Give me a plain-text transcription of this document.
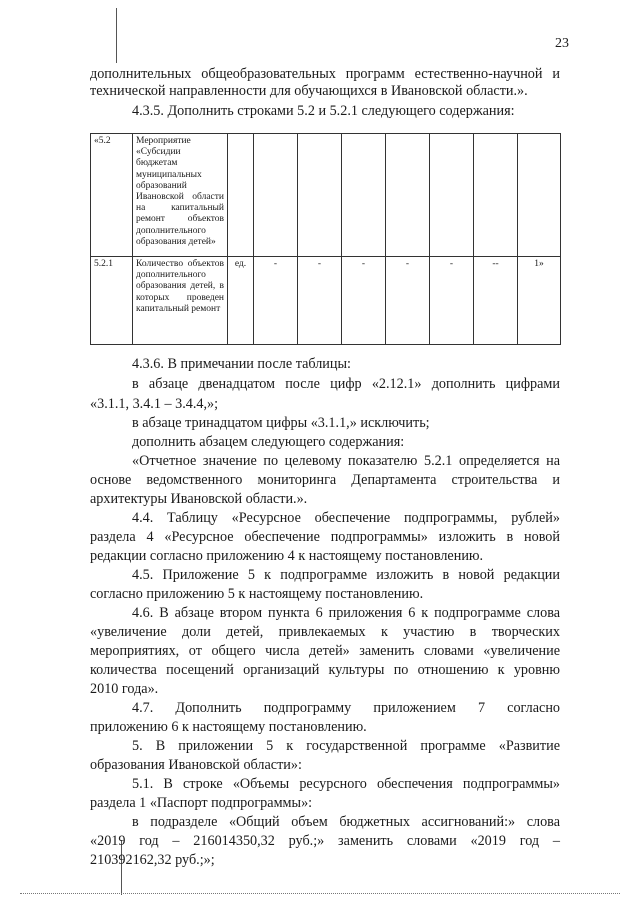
23
дополнительных общеобразовательных программ естественно-научной и
технической направленности для обучающихся в Ивановской области.».
4.3.5. Дополнить строками 5.2 и 5.2.1 следующего содержания:
«5.2	Мероприятие «Субсидии бюджетам муниципальных образований Ивановской области на капитальный ремонт объектов дополнительного образования детей»								
5.2.1	Количество объектов дополнительного образования детей, в которых проведен капитальный ремонт	ед.	-	-	-	-	-	--	1»
4.3.6. В примечании после таблицы:
в абзаце двенадцатом после цифр «2.12.1» дополнить цифрами
«3.1.1, 3.4.1 – 3.4.4,»;
в абзаце тринадцатом цифры «3.1.1,» исключить;
дополнить абзацем следующего содержания:
«Отчетное значение по целевому показателю 5.2.1 определяется на
основе ведомственного мониторинга Департамента строительства и
архитектуры Ивановской области.».
4.4. Таблицу «Ресурсное обеспечение подпрограммы, рублей»
раздела 4 «Ресурсное обеспечение подпрограммы» изложить в новой
редакции согласно приложению 4 к настоящему постановлению.
4.5. Приложение 5 к подпрограмме изложить в новой редакции
согласно приложению 5 к настоящему постановлению.
4.6. В абзаце втором пункта 6 приложения 6 к подпрограмме слова
«увеличение доли детей, привлекаемых к участию в творческих
мероприятиях, от общего числа детей» заменить словами «увеличение
количества посещений организаций культуры по отношению к уровню
2010 года».
4.7. Дополнить подпрограмму приложением 7 согласно
приложению 6 к настоящему постановлению.
5. В приложении 5 к государственной программе «Развитие
образования Ивановской области»:
5.1. В строке «Объемы ресурсного обеспечения подпрограммы»
раздела 1 «Паспорт подпрограммы»:
в подразделе «Общий объем бюджетных ассигнований:» слова
«2019 год – 216014350,32 руб.;» заменить словами «2019 год –
210392162,32 руб.;»;
